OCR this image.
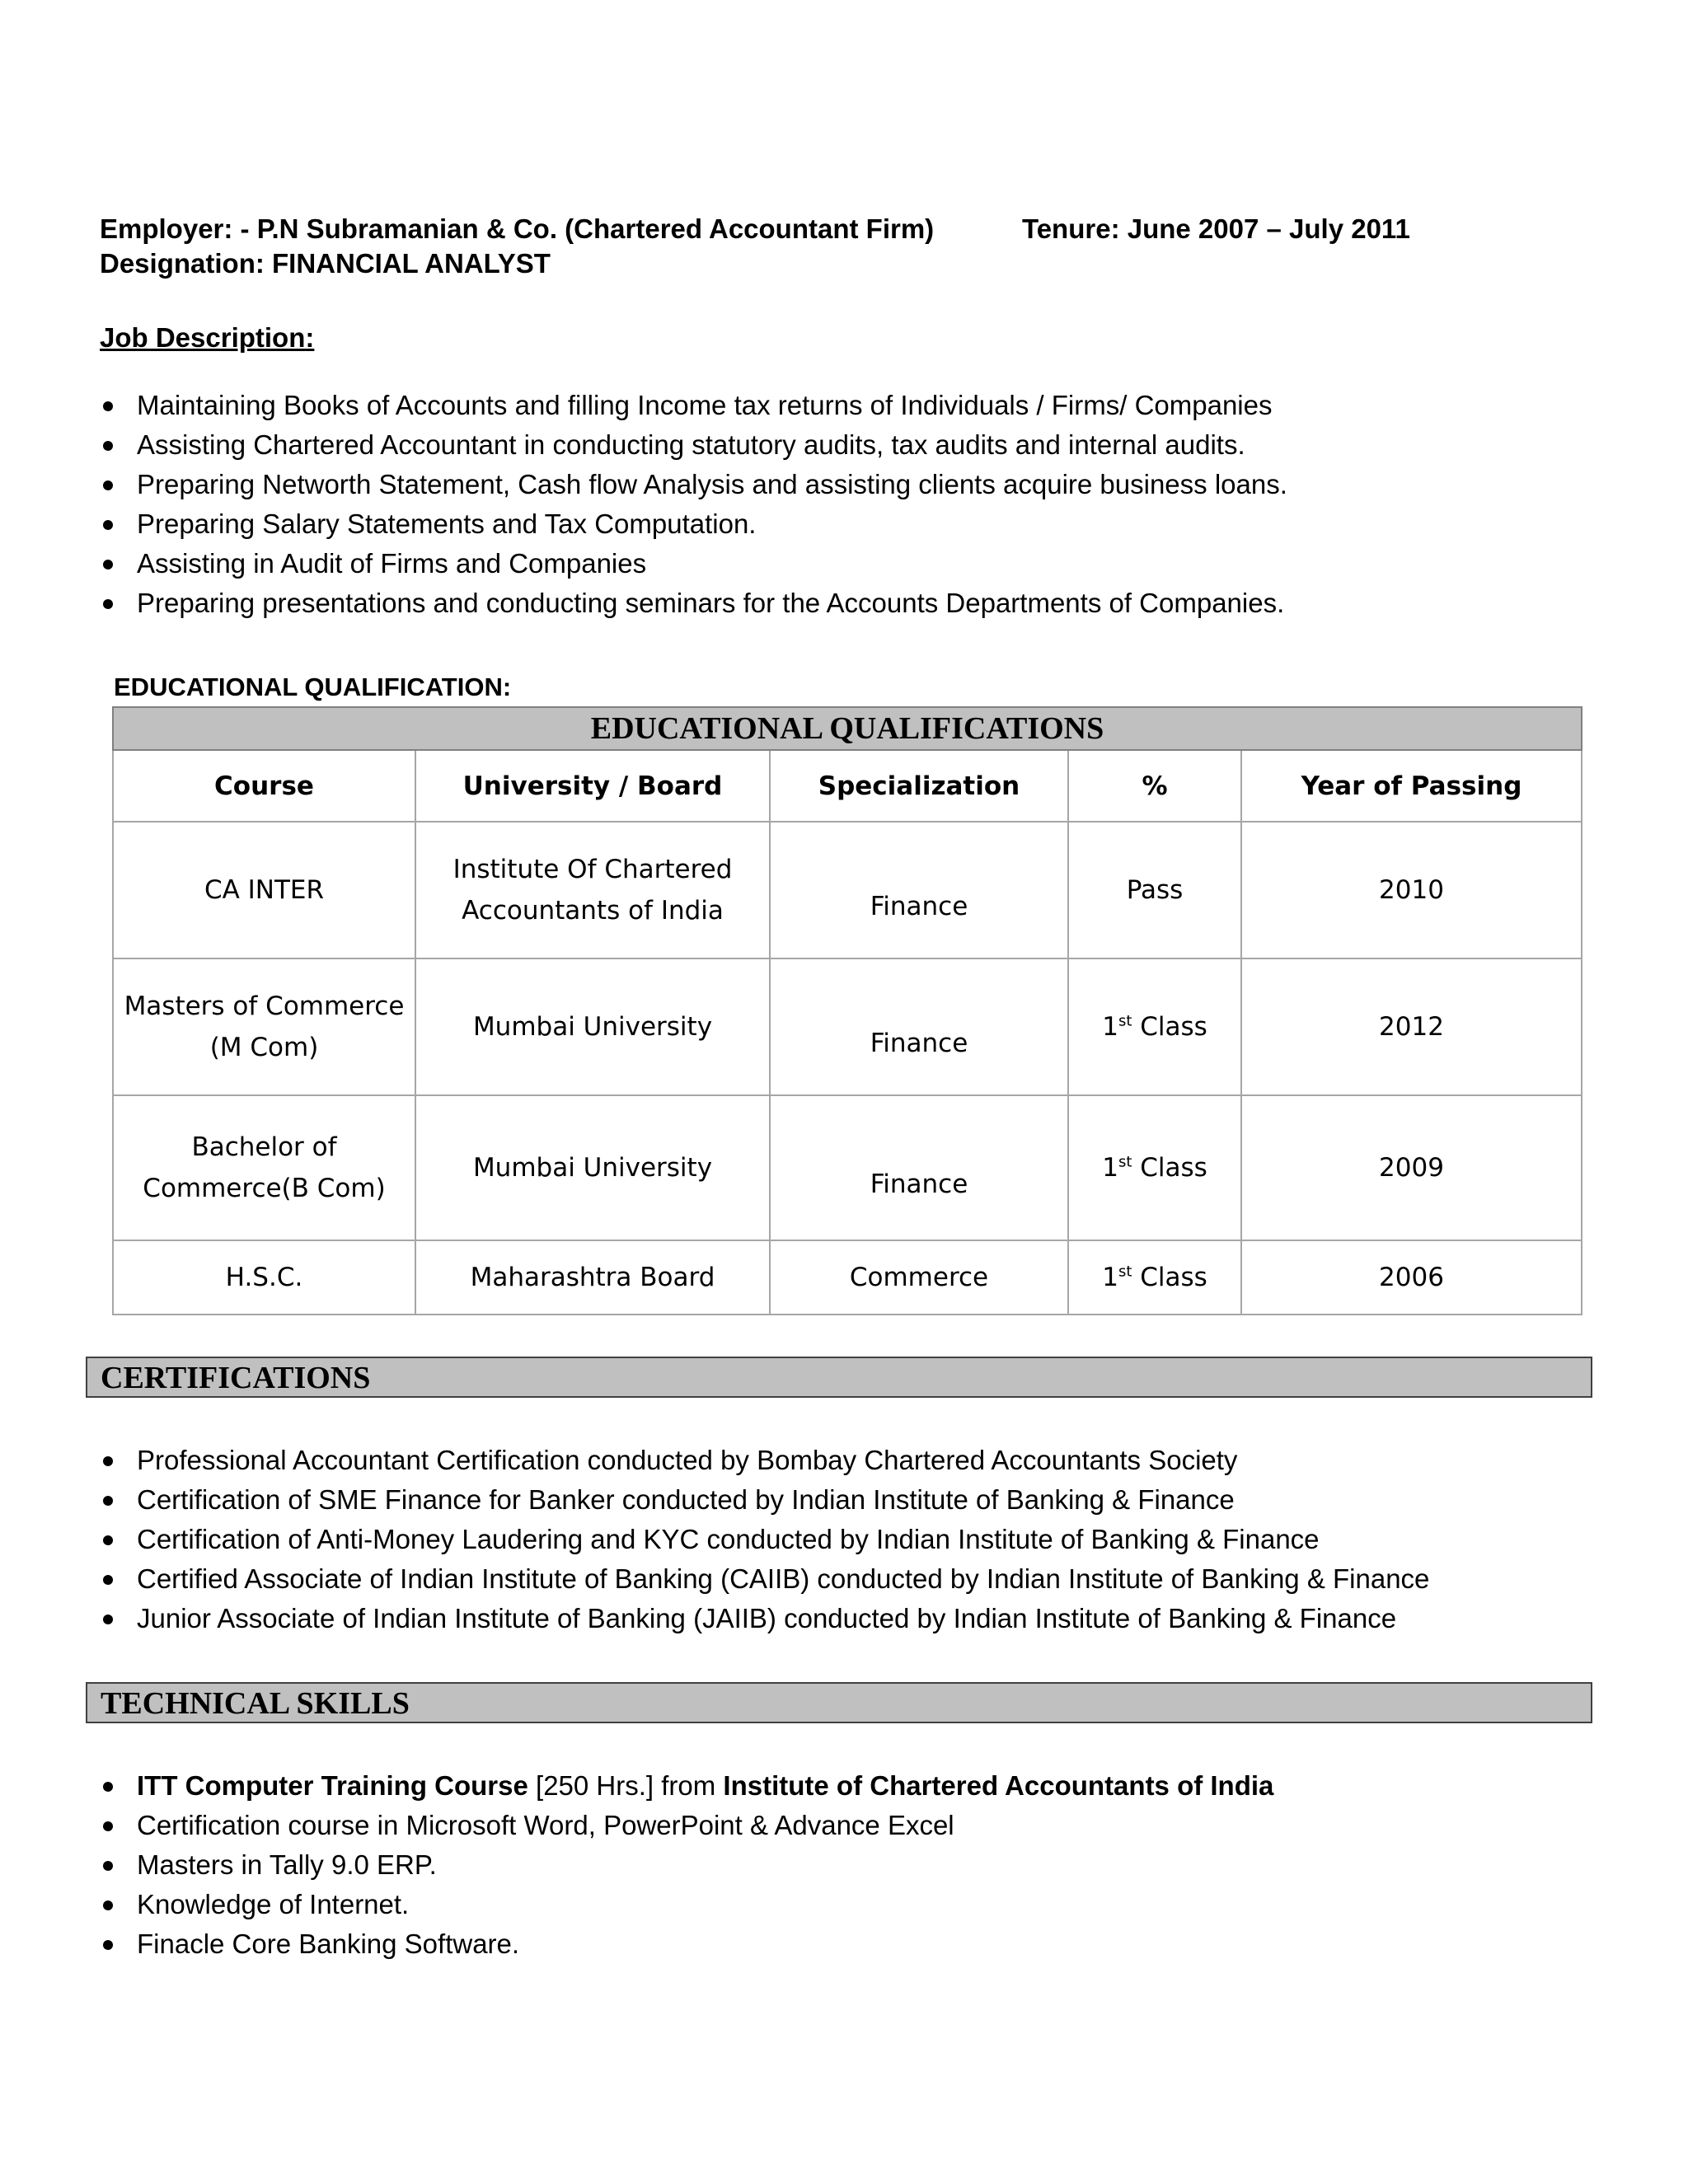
Employer: - P.N Subramanian & Co. (Chartered Accountant Firm)	Tenure: June 2007 – July 2011
Designation: FINANCIAL ANALYST
Job Description:
Maintaining Books of Accounts and filling Income tax returns of Individuals / Firms/ Companies
Assisting Chartered Accountant in conducting statutory audits, tax audits and internal audits.
Preparing Networth Statement, Cash flow Analysis and assisting clients acquire business loans.
Preparing Salary Statements and Tax Computation.
Assisting in Audit of Firms and Companies
Preparing presentations and conducting seminars for the Accounts Departments of Companies.
EDUCATIONAL QUALIFICATION:
EDUCATIONAL QUALIFICATIONS				
Course	University / Board	Specialization	%	Year of Passing
CA INTER	Institute Of Chartered Accountants of India	Finance	Pass	2010
Masters of Commerce (M Com)	Mumbai University	Finance	1st Class	2012
Bachelor of Commerce(B Com)	Mumbai University	Finance	1st Class	2009
H.S.C.	Maharashtra Board	Commerce	1st Class	2006
CERTIFICATIONS
Professional Accountant Certification conducted by Bombay Chartered Accountants Society
Certification of SME Finance for Banker conducted by Indian Institute of Banking & Finance
Certification of Anti-Money Laudering and KYC conducted by Indian Institute of Banking & Finance
Certified Associate of Indian Institute of Banking (CAIIB) conducted by Indian Institute of Banking & Finance
Junior Associate of Indian Institute of Banking (JAIIB) conducted by Indian Institute of Banking & Finance
TECHNICAL SKILLS
ITT Computer Training Course [250 Hrs.] from Institute of Chartered Accountants of India
Certification course in Microsoft Word, PowerPoint & Advance Excel
Masters in Tally 9.0 ERP.
Knowledge of Internet.
Finacle Core Banking Software.
